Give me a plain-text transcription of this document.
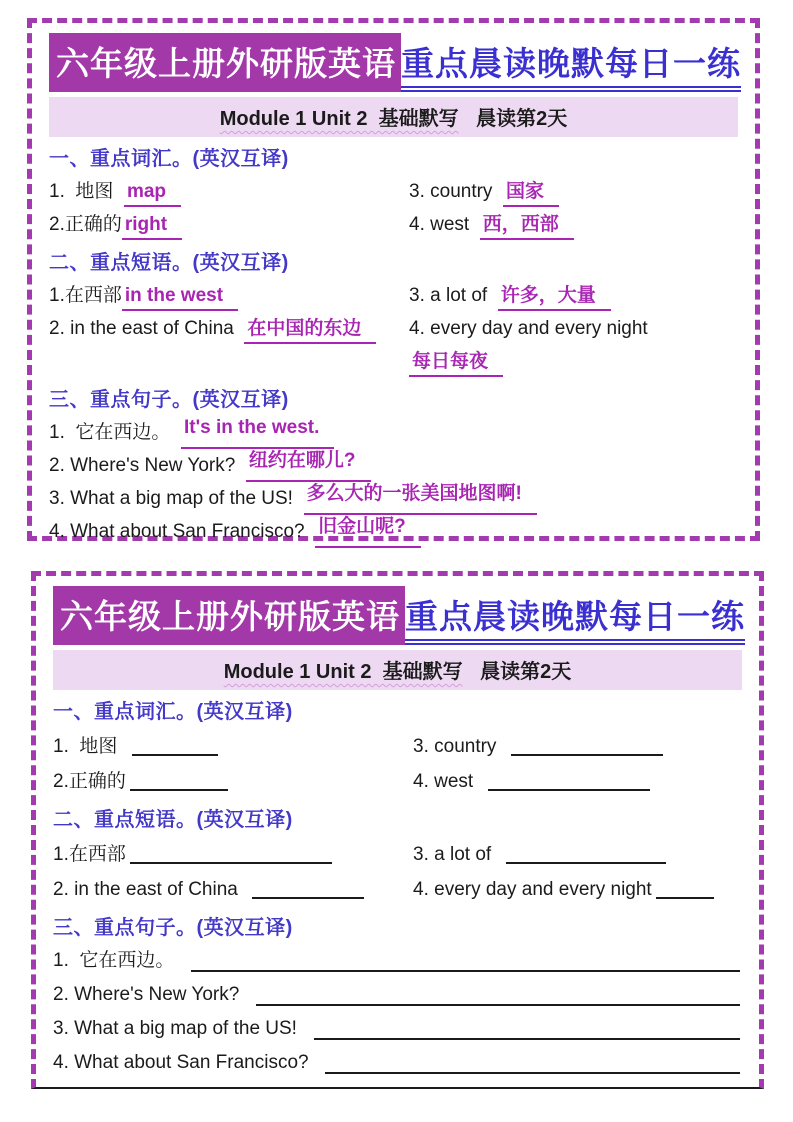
六年级上册外研版英语 重点晨读晚默每日一练
Module 1 Unit 2  基础默写 晨读第2天
一、重点词汇。(英汉互译)
1.  地图  map	3. country  国家
2.正确的 right	4. west  西，西部
二、重点短语。(英汉互译)
1.在西部 in the west	3. a lot of  许多，大量
2. in the east of China  在中国的东边	4. every day and every night每日每夜
三、重点句子。(英汉互译)
1.  它在西边。 It's in the west.
2. Where's New York? 纽约在哪儿?
3. What a big map of the US! 多么大的一张美国地图啊!
4. What about San Francisco? 旧金山呢?
六年级上册外研版英语 重点晨读晚默每日一练
Module 1 Unit 2  基础默写 晨读第2天
一、重点词汇。(英汉互译)
1.  地图	3. country
2.正确的	4. west
二、重点短语。(英汉互译)
1.在西部	3. a lot of
2. in the east of China	4. every day and every night
三、重点句子。(英汉互译)
1.  它在西边。
2. Where's New York?
3. What a big map of the US!
4. What about San Francisco?
